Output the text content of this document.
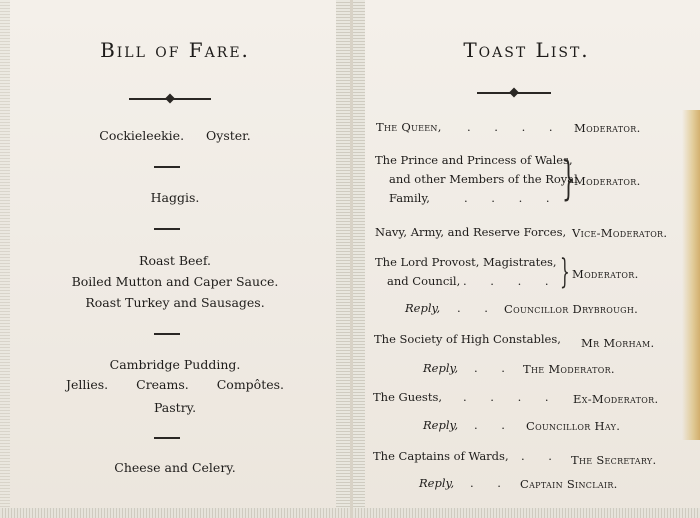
Bill of Fare.
Cockieleekie. Oyster.
Haggis.
Roast Beef.
Boiled Mutton and Caper Sauce.
Roast Turkey and Sausages.
Cambridge Pudding.
Jellies. Creams. Compôtes.
Pastry.
Cheese and Celery.
Toast List.
The Queen, . . . . Moderator.
The Prince and Princess of Wales,
and other Members of the Royal
Family,	. . . . }
Moderator.
Navy, Army, and Reserve Forces, Vice-Moderator.
The Lord Provost, Magistrates,
and Council, . . . . } Moderator.
Reply, . . Councillor Drybrough.
The Society of High Constables, Mr Morham.
Reply, . . The Moderator.
The Guests, . . . . Ex-Moderator.
Reply, . . Councillor Hay.
The Captains of Wards, . . The Secretary.
Reply, . . Captain Sinclair.
